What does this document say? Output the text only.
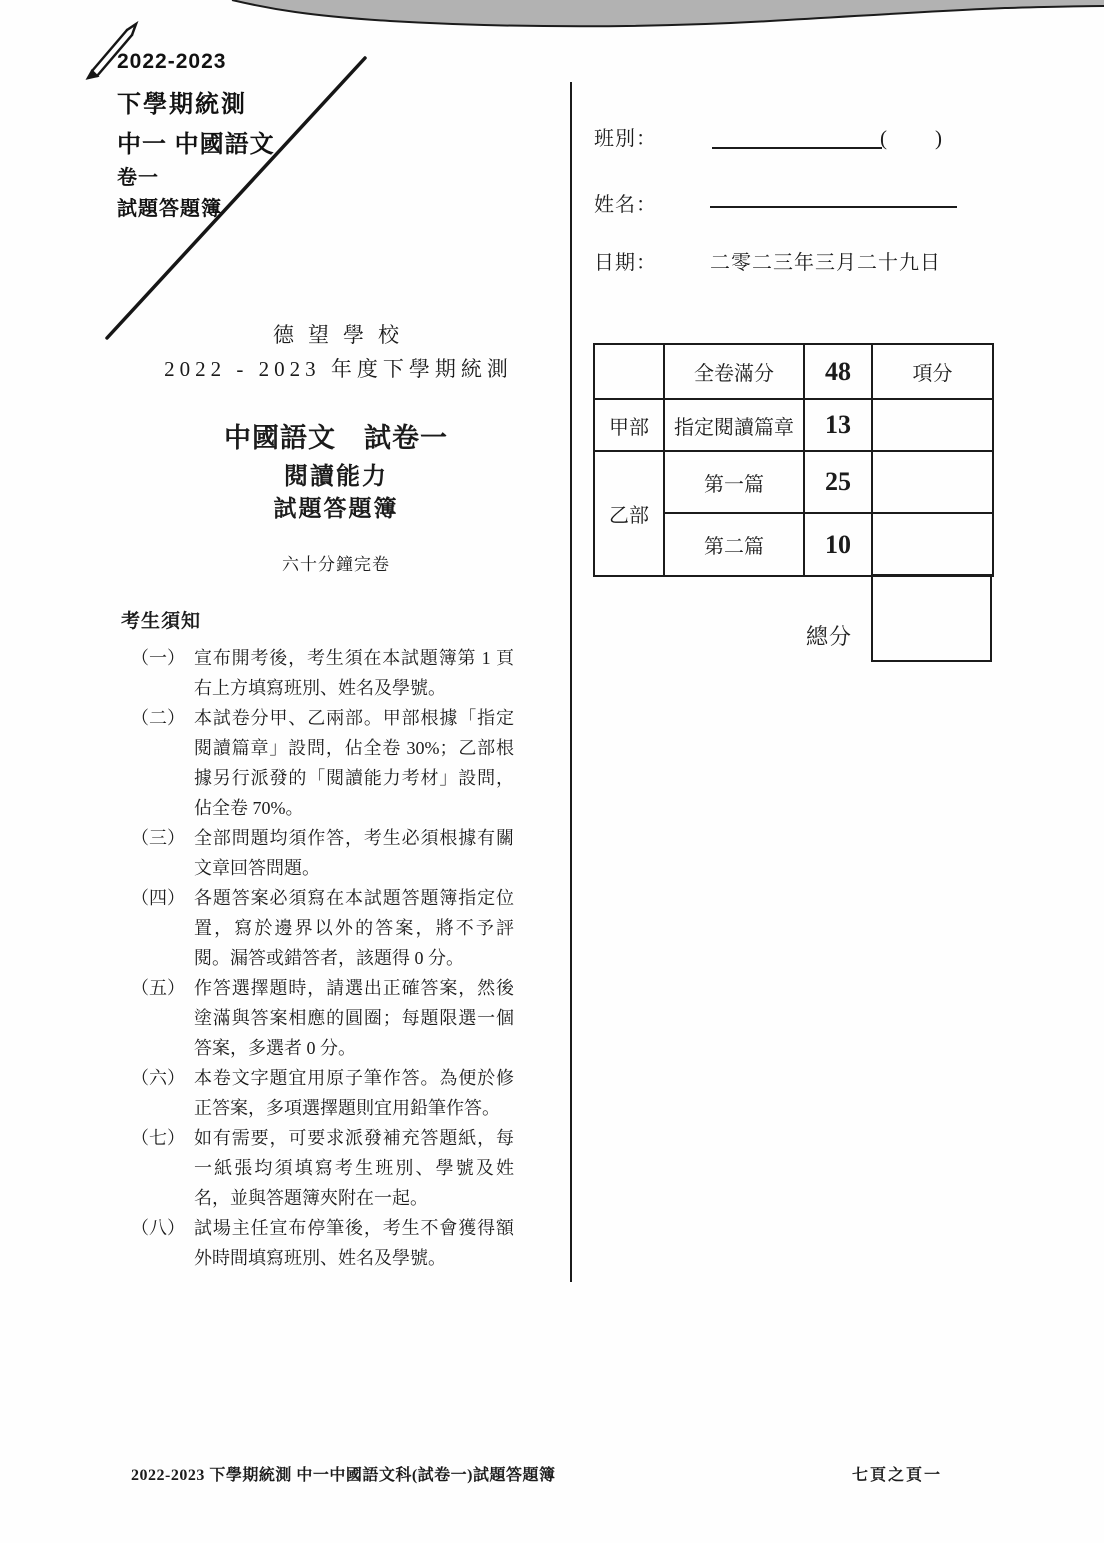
2022-2023
下學期統測
中一 中國語文
卷一
試題答題簿
德望學校
2022 - 2023 年度下學期統測
中國語文　試卷一
閱讀能力
試題答題簿
六十分鐘完卷
班別：	(　　)
姓名：
日期：	二零二三年三月二十九日
	全卷滿分	48	項分
甲部	指定閱讀篇章	13	
乙部	第一篇	25	
	第二篇	10	
總分
考生須知
（一） 宣布開考後，考生須在本試題簿第 1 頁右上方填寫班別、姓名及學號。
（二） 本試卷分甲、乙兩部。甲部根據「指定閱讀篇章」設問，佔全卷 30%；乙部根據另行派發的「閱讀能力考材」設問，佔全卷 70%。
（三） 全部問題均須作答，考生必須根據有關文章回答問題。
（四） 各題答案必須寫在本試題答題簿指定位置，寫於邊界以外的答案，將不予評閱。漏答或錯答者，該題得 0 分。
（五） 作答選擇題時，請選出正確答案，然後塗滿與答案相應的圓圈；每題限選一個答案，多選者 0 分。
（六） 本卷文字題宜用原子筆作答。為便於修正答案，多項選擇題則宜用鉛筆作答。
（七） 如有需要，可要求派發補充答題紙，每一紙張均須填寫考生班別、學號及姓名，並與答題簿夾附在一起。
（八） 試場主任宣布停筆後，考生不會獲得額外時間填寫班別、姓名及學號。
2022-2023 下學期統測 中一中國語文科(試卷一)試題答題簿	七頁之頁一
